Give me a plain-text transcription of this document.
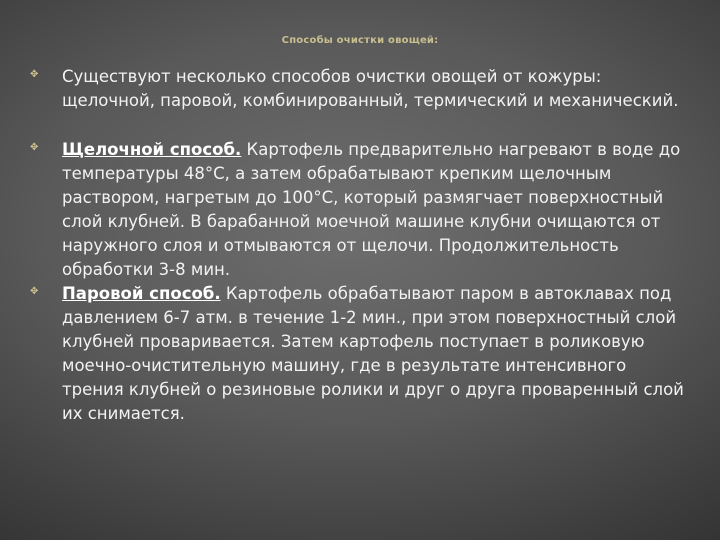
Способы очистки овощей:
✥ Существуют несколько способов очистки овощей от кожуры: щелочной, паровой, комбинированный, термический и механический.
✥ Щелочной способ. Картофель предварительно нагревают в воде до температуры 48°С, а затем обрабатывают крепким щелочным раствором, нагретым до 100°С, который размягчает поверхностный слой клубней. В барабанной моечной машине клубни очищаются от наружного слоя и отмываются от щелочи. Продолжительность обработки 3-8 мин.
✥ Паровой способ. Картофель обрабатывают паром в автоклавах под давлением 6-7 атм. в течение 1-2 мин., при этом поверхностный слой клубней проваривается. Затем картофель поступает в роликовую моечно-очистительную машину, где в результате интенсивного трения клубней о резиновые ролики и друг о друга проваренный слой их снимается.
